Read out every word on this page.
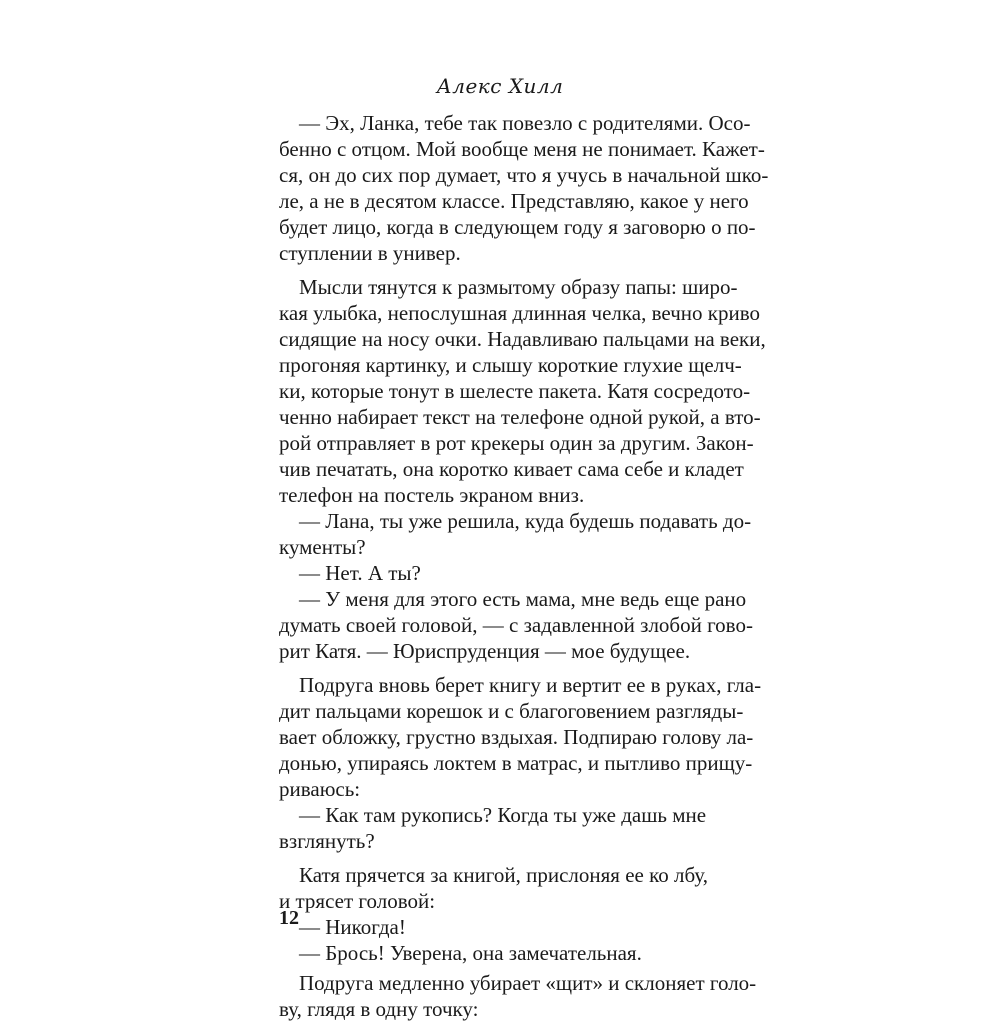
Алекс Хилл
— Эх, Ланка, тебе так повезло с родителями. Осо-
бенно с отцом. Мой вообще меня не понимает. Кажет-
ся, он до сих пор думает, что я учусь в начальной шко-
ле, а не в десятом классе. Представляю, какое у него
будет лицо, когда в следующем году я заговорю о по-
ступлении в универ.
Мысли тянутся к размытому образу папы: широ-
кая улыбка, непослушная длинная челка, вечно криво
сидящие на носу очки. Надавливаю пальцами на веки,
прогоняя картинку, и слышу короткие глухие щелч-
ки, которые тонут в шелесте пакета. Катя сосредото-
ченно набирает текст на телефоне одной рукой, а вто-
рой отправляет в рот крекеры один за другим. Закон-
чив печатать, она коротко кивает сама себе и кладет
телефон на постель экраном вниз.
— Лана, ты уже решила, куда будешь подавать до-
кументы?
— Нет. А ты?
— У меня для этого есть мама, мне ведь еще рано
думать своей головой, — с задавленной злобой гово-
рит Катя. — Юриспруденция — мое будущее.
Подруга вновь берет книгу и вертит ее в руках, гла-
дит пальцами корешок и с благоговением разгляды-
вает обложку, грустно вздыхая. Подпираю голову ла-
донью, упираясь локтем в матрас, и пытливо прищу-
риваюсь:
— Как там рукопись? Когда ты уже дашь мне
взглянуть?
Катя прячется за книгой, прислоняя ее ко лбу,
и трясет головой:
— Никогда!
— Брось! Уверена, она замечательная.
Подруга медленно убирает «щит» и склоняет голо-
ву, глядя в одну точку:
12
